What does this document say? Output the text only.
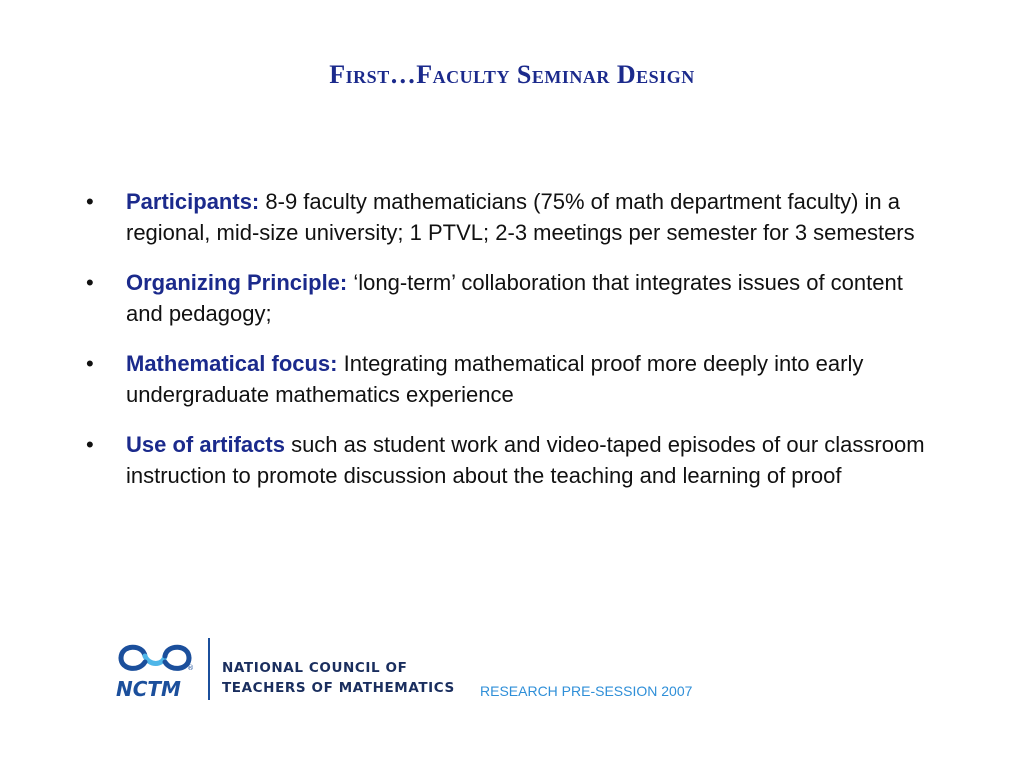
First…Faculty Seminar Design
• Participants: 8-9 faculty mathematicians (75% of math department faculty) in a regional, mid-size university; 1 PTVL; 2-3 meetings per semester for 3 semesters
• Organizing Principle: ‘long-term’ collaboration that integrates issues of content and pedagogy;
• Mathematical focus: Integrating mathematical proof more deeply into early undergraduate mathematics experience
• Use of artifacts such as student work and video-taped episodes of our classroom instruction to promote discussion about the teaching and learning of proof
NCTM
® NATIONAL COUNCIL OF
TEACHERS OF MATHEMATICS RESEARCH PRE-SESSION 2007
